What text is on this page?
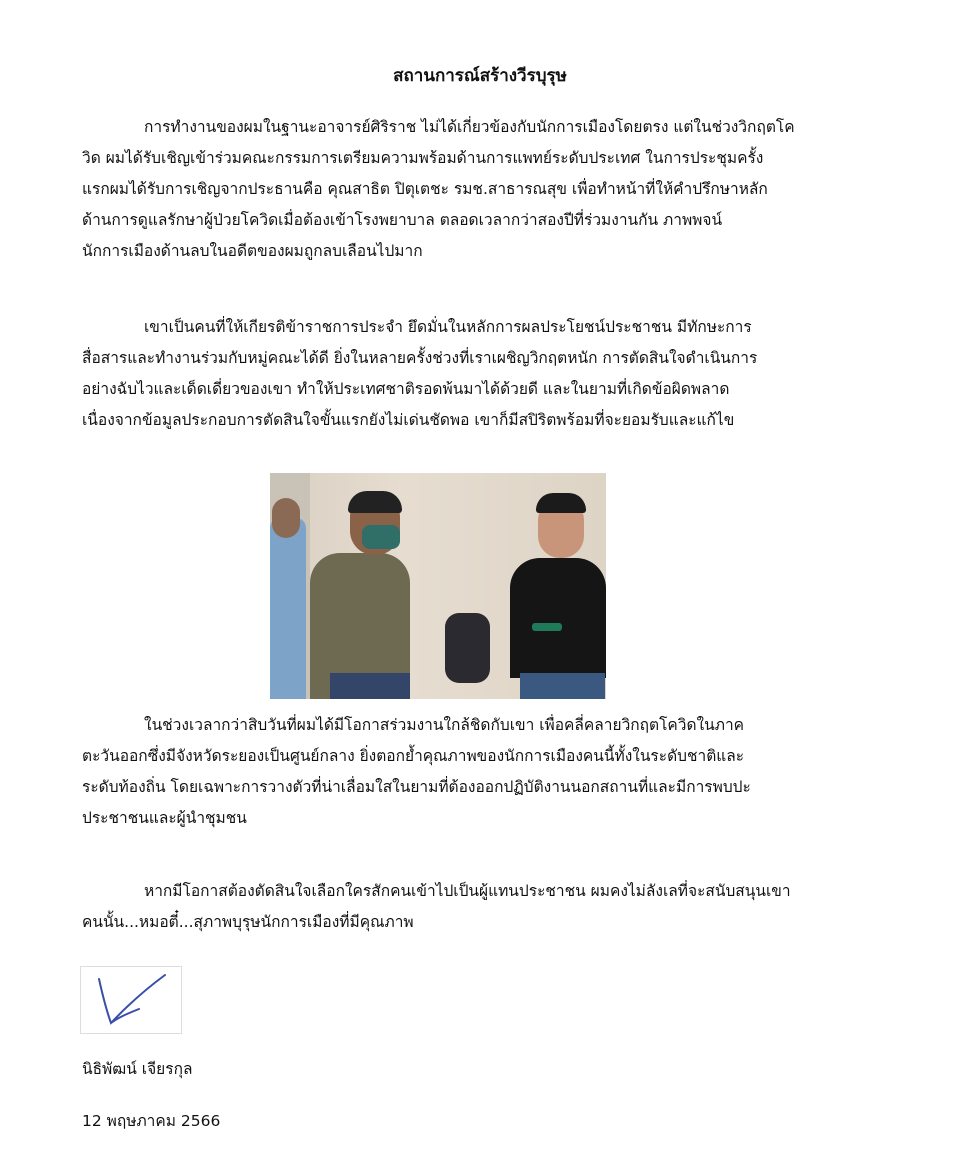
สถานการณ์สร้างวีรบุรุษ
การทำงานของผมในฐานะอาจารย์ศิริราช ไม่ได้เกี่ยวข้องกับนักการเมืองโดยตรง แต่ในช่วงวิกฤตโค
วิด ผมได้รับเชิญเข้าร่วมคณะกรรมการเตรียมความพร้อมด้านการแพทย์ระดับประเทศ ในการประชุมครั้ง
แรกผมได้รับการเชิญจากประธานคือ คุณสาธิต ปิตุเตชะ รมช.สาธารณสุข เพื่อทำหน้าที่ให้คำปรึกษาหลัก
ด้านการดูแลรักษาผู้ป่วยโควิดเมื่อต้องเข้าโรงพยาบาล ตลอดเวลากว่าสองปีที่ร่วมงานกัน ภาพพจน์
นักการเมืองด้านลบในอดีตของผมถูกลบเลือนไปมาก
เขาเป็นคนที่ให้เกียรติข้าราชการประจำ ยึดมั่นในหลักการผลประโยชน์ประชาชน มีทักษะการ
สื่อสารและทำงานร่วมกับหมู่คณะได้ดี ยิ่งในหลายครั้งช่วงที่เราเผชิญวิกฤตหนัก การตัดสินใจดำเนินการ
อย่างฉับไวและเด็ดเดี่ยวของเขา ทำให้ประเทศชาติรอดพ้นมาได้ด้วยดี และในยามที่เกิดข้อผิดพลาด
เนื่องจากข้อมูลประกอบการตัดสินใจขั้นแรกยังไม่เด่นชัดพอ เขาก็มีสปิริตพร้อมที่จะยอมรับและแก้ไข
ในช่วงเวลากว่าสิบวันที่ผมได้มีโอกาสร่วมงานใกล้ชิดกับเขา เพื่อคลี่คลายวิกฤตโควิดในภาค
ตะวันออกซึ่งมีจังหวัดระยองเป็นศูนย์กลาง ยิ่งตอกย้ำคุณภาพของนักการเมืองคนนี้ทั้งในระดับชาติและ
ระดับท้องถิ่น โดยเฉพาะการวางตัวที่น่าเลื่อมใสในยามที่ต้องออกปฏิบัติงานนอกสถานที่และมีการพบปะ
ประชาชนและผู้นำชุมชน
หากมีโอกาสต้องตัดสินใจเลือกใครสักคนเข้าไปเป็นผู้แทนประชาชน ผมคงไม่ลังเลที่จะสนับสนุนเขา
คนนั้น...หมอตี๋...สุภาพบุรุษนักการเมืองที่มีคุณภาพ
นิธิพัฒน์ เจียรกุล
12 พฤษภาคม 2566
